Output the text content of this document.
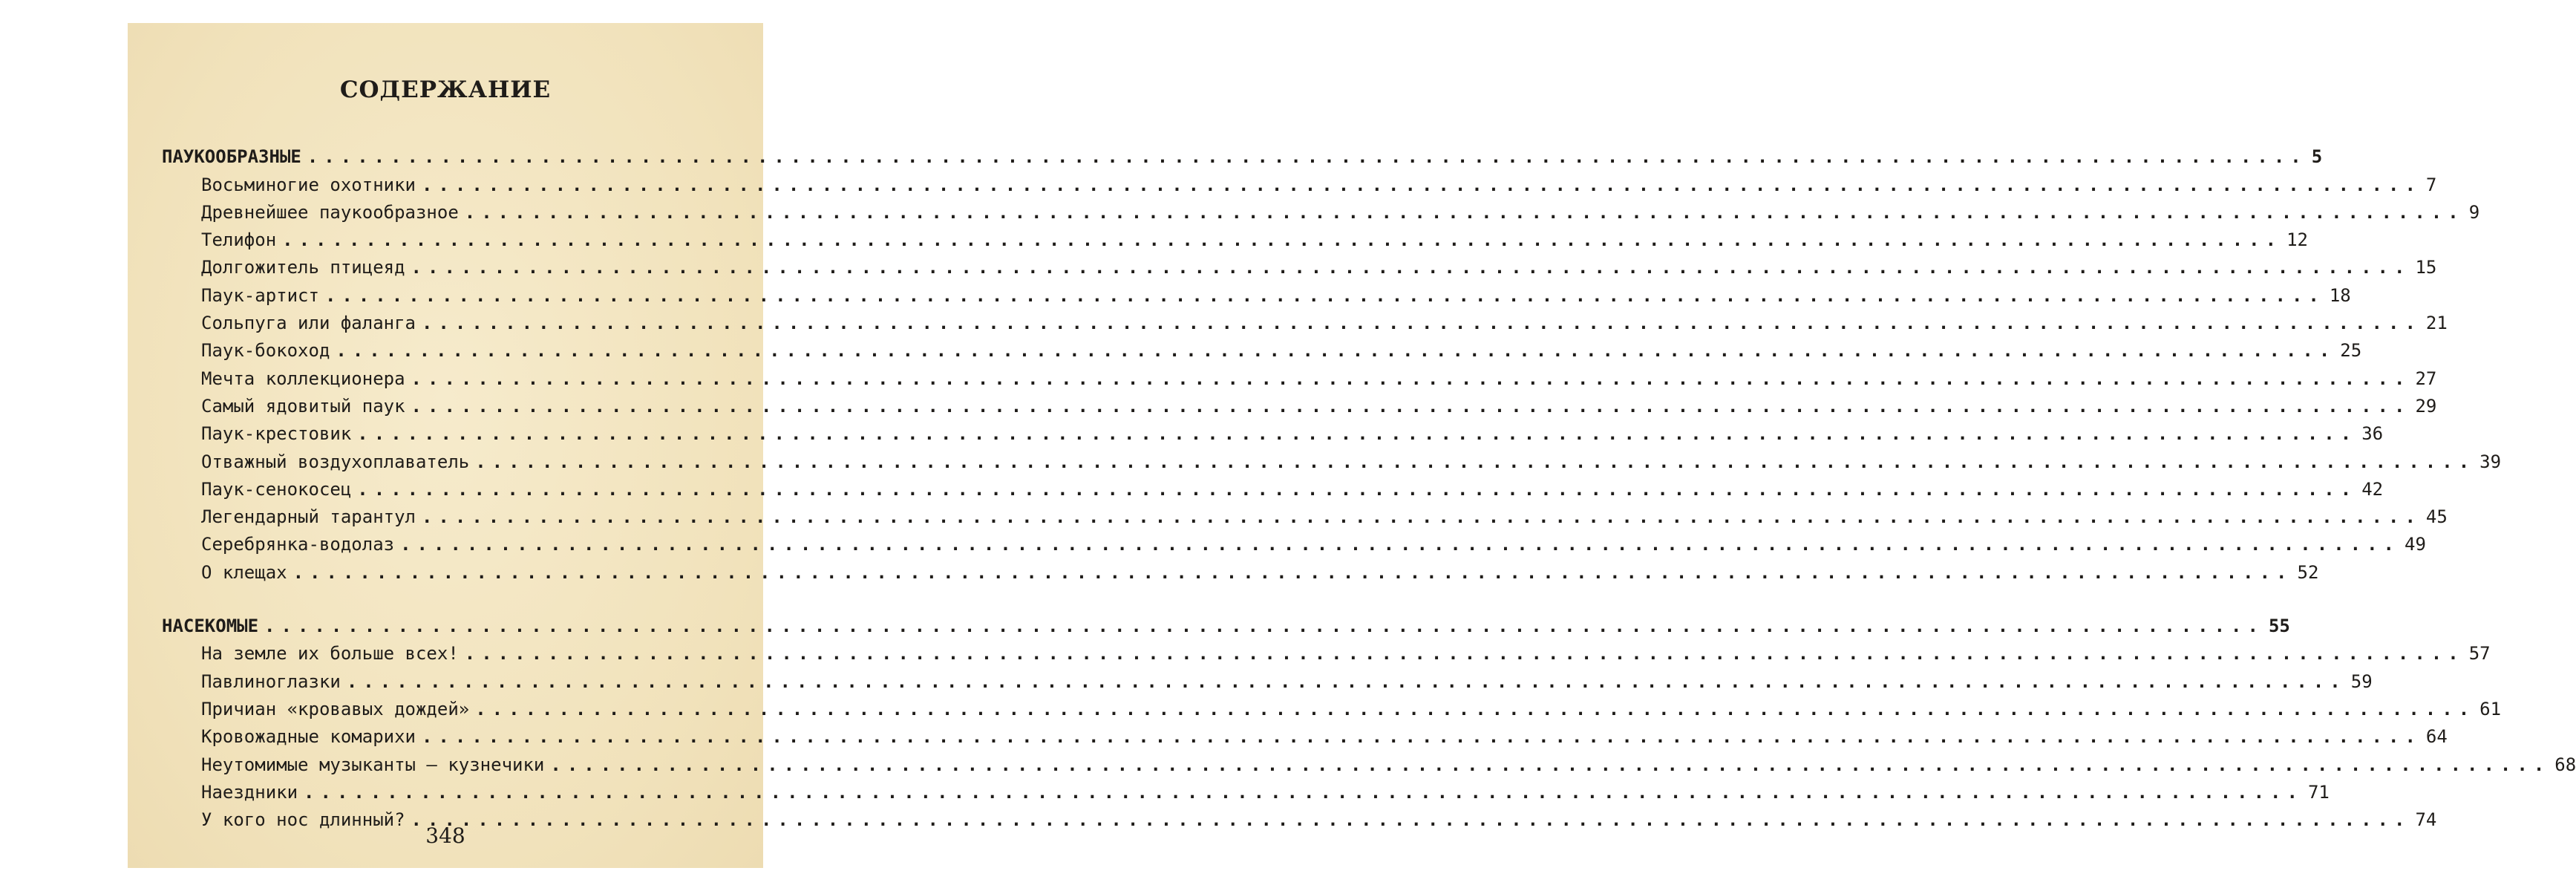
СОДЕРЖАНИЕ
ПАУКООБРАЗНЫЕ ........................................................................................................................ 5
Восьминогие охотники ........................................................................................................................ 7
Древнейшее паукообразное ........................................................................................................................ 9
Телифон ........................................................................................................................ 12
Долгожитель птицеяд ........................................................................................................................ 15
Паук-артист ........................................................................................................................ 18
Сольпуга или фаланга ........................................................................................................................ 21
Паук-бокоход ........................................................................................................................ 25
Мечта коллекционера ........................................................................................................................ 27
Самый ядовитый паук ........................................................................................................................ 29
Паук-крестовик ........................................................................................................................ 36
Отважный воздухоплаватель ........................................................................................................................ 39
Паук-сенокосец ........................................................................................................................ 42
Легендарный тарантул ........................................................................................................................ 45
Серебрянка-водолаз ........................................................................................................................ 49
О клещах ........................................................................................................................ 52
НАСЕКОМЫЕ ........................................................................................................................ 55
На земле их больше всех! ........................................................................................................................ 57
Павлиноглазки ........................................................................................................................ 59
Причиан «кровавых дождей» ........................................................................................................................ 61
Кровожадные комарихи ........................................................................................................................ 64
Неутомимые музыканты — кузнечики ........................................................................................................................ 68
Наездники ........................................................................................................................ 71
У кого нос длинный? ........................................................................................................................ 74
348
